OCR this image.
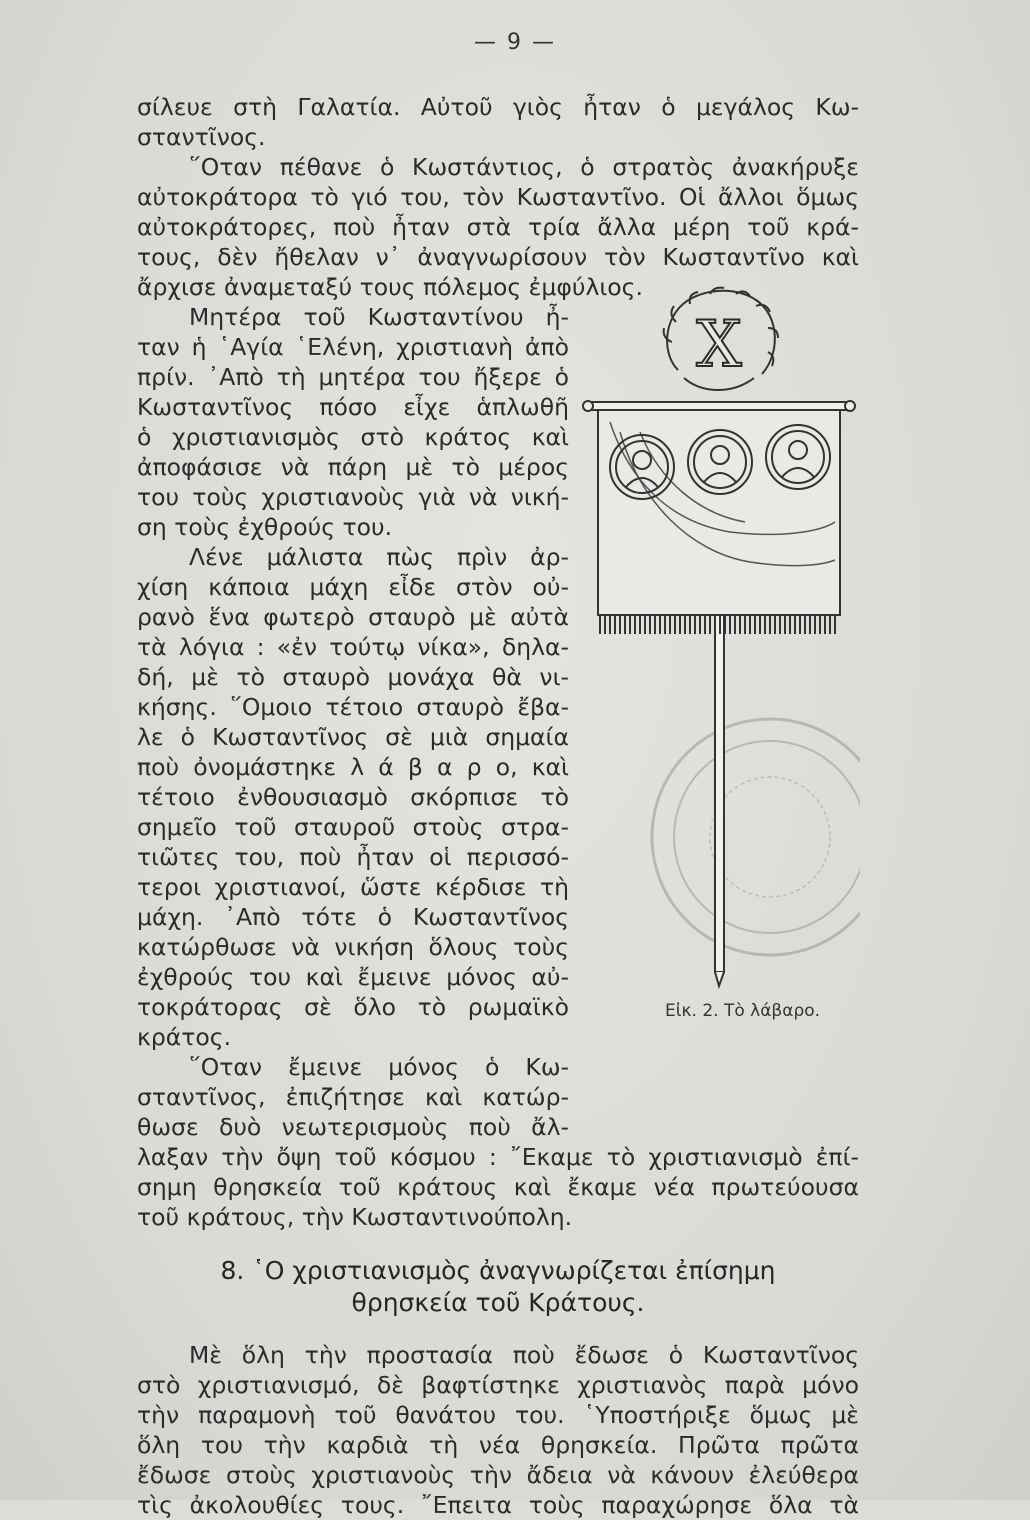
— 9 —
σίλευε στὴ Γαλατία. Αὐτοῦ γιὸς ἦταν ὁ μεγάλος Κω-
σταντῖνος.
῞Οταν πέθανε ὁ Κωστάντιος, ὁ στρατὸς ἀνακήρυξε
αὐτοκράτορα τὸ γιό του, τὸν Κωσταντῖνο. Οἱ ἄλλοι ὅμως
αὐτοκράτορες, ποὺ ἦταν στὰ τρία ἄλλα μέρη τοῦ κρά-
τους, δὲν ἤθελαν ν᾽ ἀναγνωρίσουν τὸν Κωσταντῖνο καὶ
ἄρχισε ἀναμεταξύ τους πόλεμος ἐμφύλιος.
Μητέρα τοῦ Κωσταντίνου ἦ-
ταν ἡ ῾Αγία ῾Ελένη, χριστιανὴ ἀπὸ
πρίν. ᾽Απὸ τὴ μητέρα του ἤξερε ὁ
Κωσταντῖνος πόσο εἶχε ἁπλωθῆ
ὁ χριστιανισμὸς στὸ κράτος καὶ
ἀποφάσισε νὰ πάρη μὲ τὸ μέρος
του τοὺς χριστιανοὺς γιὰ νὰ νική-
ση τοὺς ἐχθρούς του.
Λένε μάλιστα πὼς πρὶν ἀρ-
χίση κάποια μάχη εἶδε στὸν οὐ-
ρανὸ ἕνα φωτερὸ σταυρὸ μὲ αὐτὰ
τὰ λόγια : «ἐν τούτῳ νίκα», δηλα-
δή, μὲ τὸ σταυρὸ μονάχα θὰ νι-
κήσης. ῞Ομοιο τέτοιο σταυρὸ ἔβα-
λε ὁ Κωσταντῖνος σὲ μιὰ σημαία
ποὺ ὀνομάστηκε λ ά β α ρ ο, καὶ
τέτοιο ἐνθουσιασμὸ σκόρπισε τὸ
σημεῖο τοῦ σταυροῦ στοὺς στρα-
τιῶτες του, ποὺ ἦταν οἱ περισσό-
τεροι χριστιανοί, ὥστε κέρδισε τὴ
μάχη. ᾽Απὸ τότε ὁ Κωσταντῖνος
κατώρθωσε νὰ νικήση ὅλους τοὺς
ἐχθρούς του καὶ ἔμεινε μόνος αὐ-
τοκράτορας σὲ ὅλο τὸ ρωμαϊκὸ
κράτος.
῞Οταν ἔμεινε μόνος ὁ Κω-
σταντῖνος, ἐπιζήτησε καὶ κατώρ-
θωσε δυὸ νεωτερισμοὺς ποὺ ἄλ-
λαξαν τὴν ὄψη τοῦ κόσμου : ῎Εκαμε τὸ χριστιανισμὸ ἐπί-
σημη θρησκεία τοῦ κράτους καὶ ἔκαμε νέα πρωτεύουσα
τοῦ κράτους, τὴν Κωσταντινούπολη.
8. ῾Ο χριστιανισμὸς ἀναγνωρίζεται ἐπίσημη
θρησκεία τοῦ Κράτους.
Μὲ ὅλη τὴν προστασία ποὺ ἔδωσε ὁ Κωσταντῖνος
στὸ χριστιανισμό, δὲ βαφτίστηκε χριστιανὸς παρὰ μόνο
τὴν παραμονὴ τοῦ θανάτου του. ῾Υποστήριξε ὅμως μὲ
ὅλη του τὴν καρδιὰ τὴ νέα θρησκεία. Πρῶτα πρῶτα
ἔδωσε στοὺς χριστιανοὺς τὴν ἄδεια νὰ κάνουν ἐλεύθερα
τὶς ἀκολουθίες τους. ῎Επειτα τοὺς παραχώρησε ὅλα τὰ
Χ
Εἰκ. 2. Τὸ λάβαρο.
